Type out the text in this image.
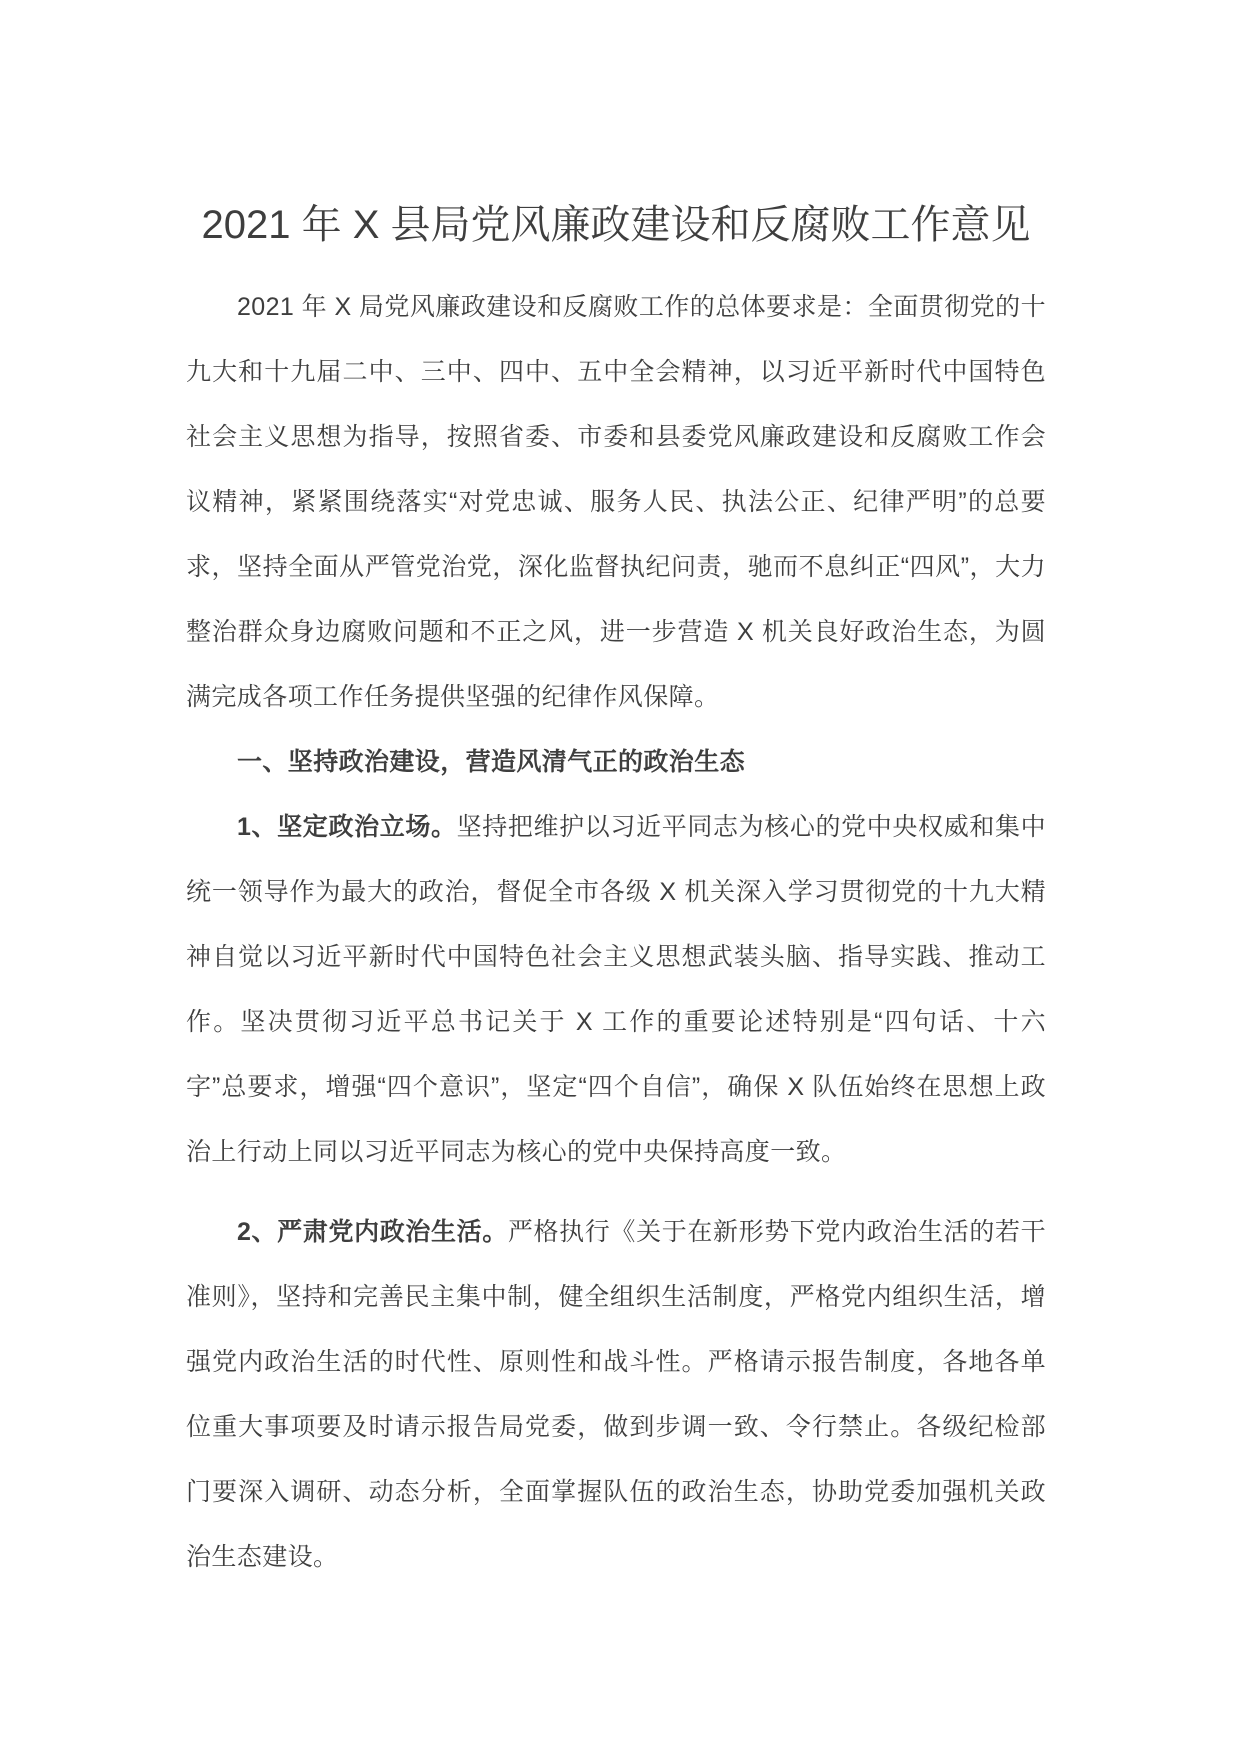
2021 年 X 县局党风廉政建设和反腐败工作意见

2021 年 X 局党风廉政建设和反腐败工作的总体要求是：全面贯彻党的十九大和十九届二中、三中、四中、五中全会精神，以习近平新时代中国特色社会主义思想为指导，按照省委、市委和县委党风廉政建设和反腐败工作会议精神，紧紧围绕落实“对党忠诚、服务人民、执法公正、纪律严明”的总要求，坚持全面从严管党治党，深化监督执纪问责，驰而不息纠正“四风”，大力整治群众身边腐败问题和不正之风，进一步营造 X 机关良好政治生态，为圆满完成各项工作任务提供坚强的纪律作风保障。

一、坚持政治建设，营造风清气正的政治生态

1、坚定政治立场。坚持把维护以习近平同志为核心的党中央权威和集中统一领导作为最大的政治，督促全市各级 X 机关深入学习贯彻党的十九大精神自觉以习近平新时代中国特色社会主义思想武装头脑、指导实践、推动工作。坚决贯彻习近平总书记关于 X 工作的重要论述特别是“四句话、十六字”总要求，增强“四个意识”，坚定“四个自信”，确保 X 队伍始终在思想上政治上行动上同以习近平同志为核心的党中央保持高度一致。

2、严肃党内政治生活。严格执行《关于在新形势下党内政治生活的若干准则》，坚持和完善民主集中制，健全组织生活制度，严格党内组织生活，增强党内政治生活的时代性、原则性和战斗性。严格请示报告制度，各地各单位重大事项要及时请示报告局党委，做到步调一致、令行禁止。各级纪检部门要深入调研、动态分析，全面掌握队伍的政治生态，协助党委加强机关政治生态建设。
